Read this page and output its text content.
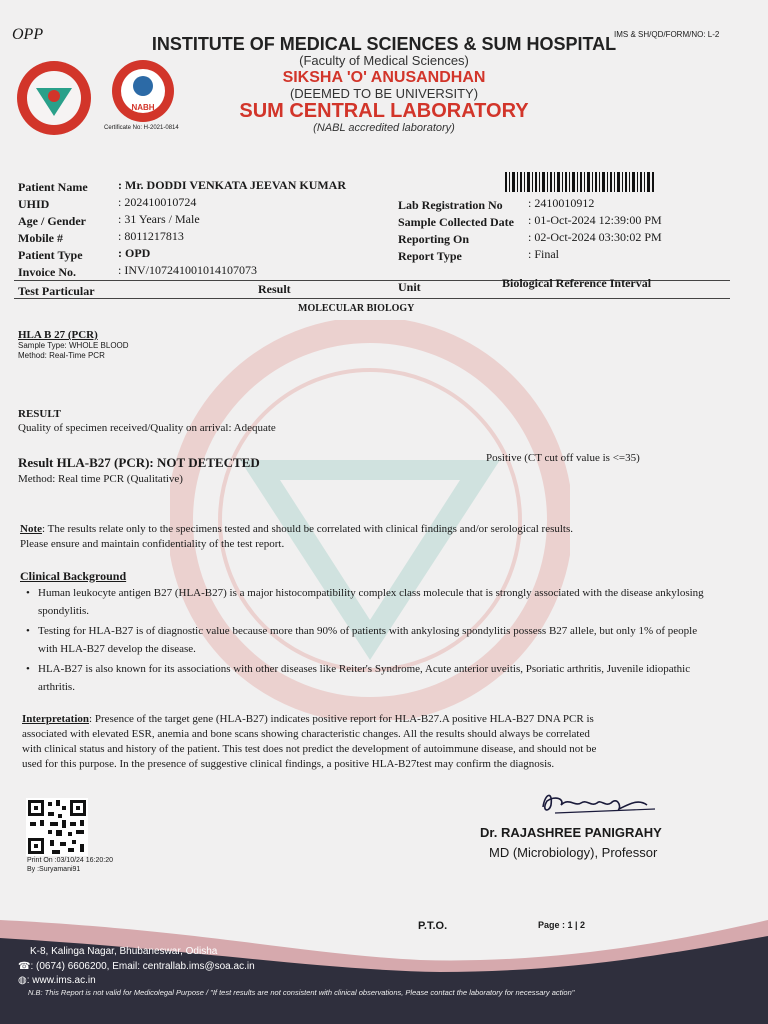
OPP	IMS & SH/QD/FORM/NO: L-2
NABH
Certificate No: H-2021-0814
INSTITUTE OF MEDICAL SCIENCES & SUM HOSPITAL
(Faculty of Medical Sciences)
SIKSHA 'O' ANUSANDHAN
(DEEMED TO BE UNIVERSITY)
SUM CENTRAL LABORATORY
(NABL accredited laboratory)
Patient Name	: Mr. DODDI VENKATA JEEVAN KUMAR
UHID	: 202410010724
Age / Gender	: 31 Years / Male
Mobile #	: 8011217813
Patient Type	: OPD
Invoice No.	: INV/107241001014107073
Lab Registration No : 2410010912
Sample Collected Date : 01-Oct-2024 12:39:00 PM
Reporting On	: 02-Oct-2024 03:30:02 PM
Report Type	: Final
Test Particular	Result	Unit	Biological Reference Interval
MOLECULAR BIOLOGY
HLA B 27 (PCR)
Sample Type: WHOLE BLOOD
Method: Real-Time PCR
RESULT
Quality of specimen received/Quality on arrival: Adequate
Result HLA-B27 (PCR): NOT DETECTED	Positive (CT cut off value is <=35)
Method: Real time PCR (Qualitative)
Note: The results relate only to the specimens tested and should be correlated with clinical findings and/or serological results.
Please ensure and maintain confidentiality of the test report.
Clinical Background
• Human leukocyte antigen B27 (HLA-B27) is a major histocompatibility complex class molecule that is strongly associated with the disease ankylosing spondylitis.
• Testing for HLA-B27 is of diagnostic value because more than 90% of patients with ankylosing spondylitis possess B27 allele, but only 1% of people with HLA-B27 develop the disease.
• HLA-B27 is also known for its associations with other diseases like Reiter's Syndrome, Acute anterior uveitis, Psoriatic arthritis, Juvenile idiopathic arthritis.
Interpretation: Presence of the target gene (HLA-B27) indicates positive report for HLA-B27.A positive HLA-B27 DNA PCR is
associated with elevated ESR, anemia and bone scans showing characteristic changes. All the results should always be correlated
with clinical status and history of the patient. This test does not predict the development of autoimmune disease, and should not be
used for this purpose. In the presence of suggestive clinical findings, a positive HLA-B27test may confirm the diagnosis.
Print On :03/10/24 16:20:20
By :Suryamani91
Dr. RAJASHREE PANIGRAHY
MD (Microbiology), Professor
P.T.O.	Page : 1 | 2
K-8, Kalinga Nagar, Bhubaneswar, Odisha
☎: (0674) 6606200, Email: centrallab.ims@soa.ac.in
◍: www.ims.ac.in
N.B: This Report is not valid for Medicolegal Purpose / "If test results are not consistent with clinical observations, Please contact the laboratory for necessary action"
